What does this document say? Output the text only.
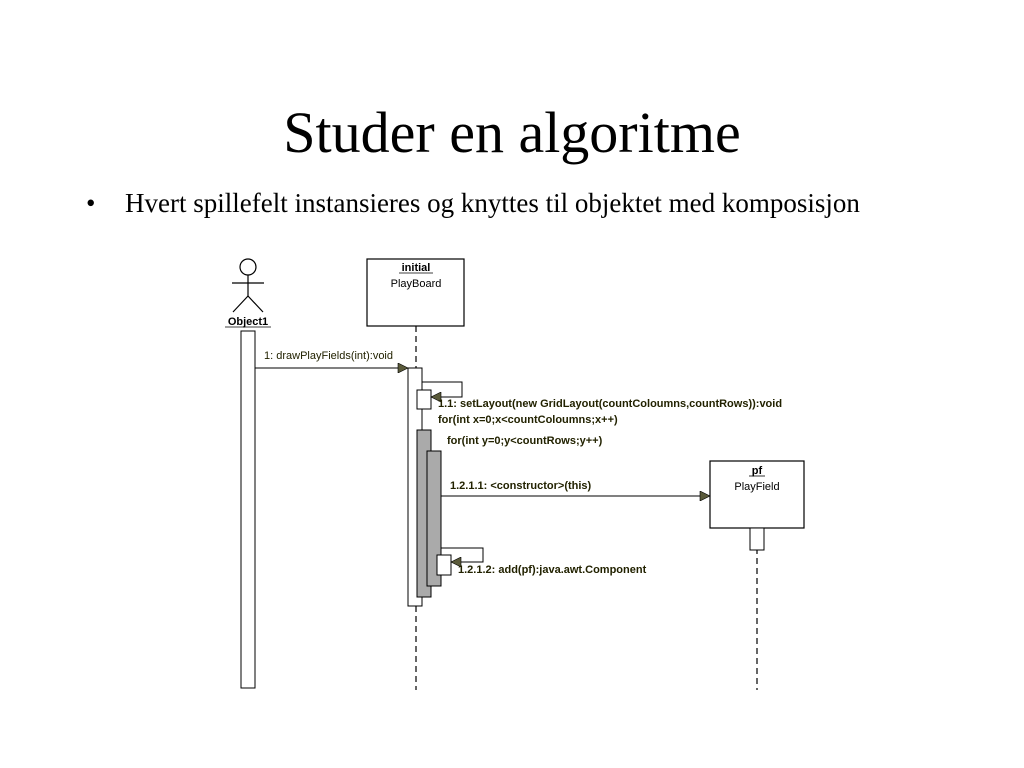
Studer en algoritme
• Hvert spillefelt instansieres og knyttes til objektet med komposisjon
Object1
initial
PlayBoard
pf
PlayField
1: drawPlayFields(int):void
1.1: setLayout(new GridLayout(countColoumns,countRows)):void
for(int x=0;x<countColoumns;x++)
for(int y=0;y<countRows;y++)
1.2.1.1: <constructor>(this)
1.2.1.2: add(pf):java.awt.Component
